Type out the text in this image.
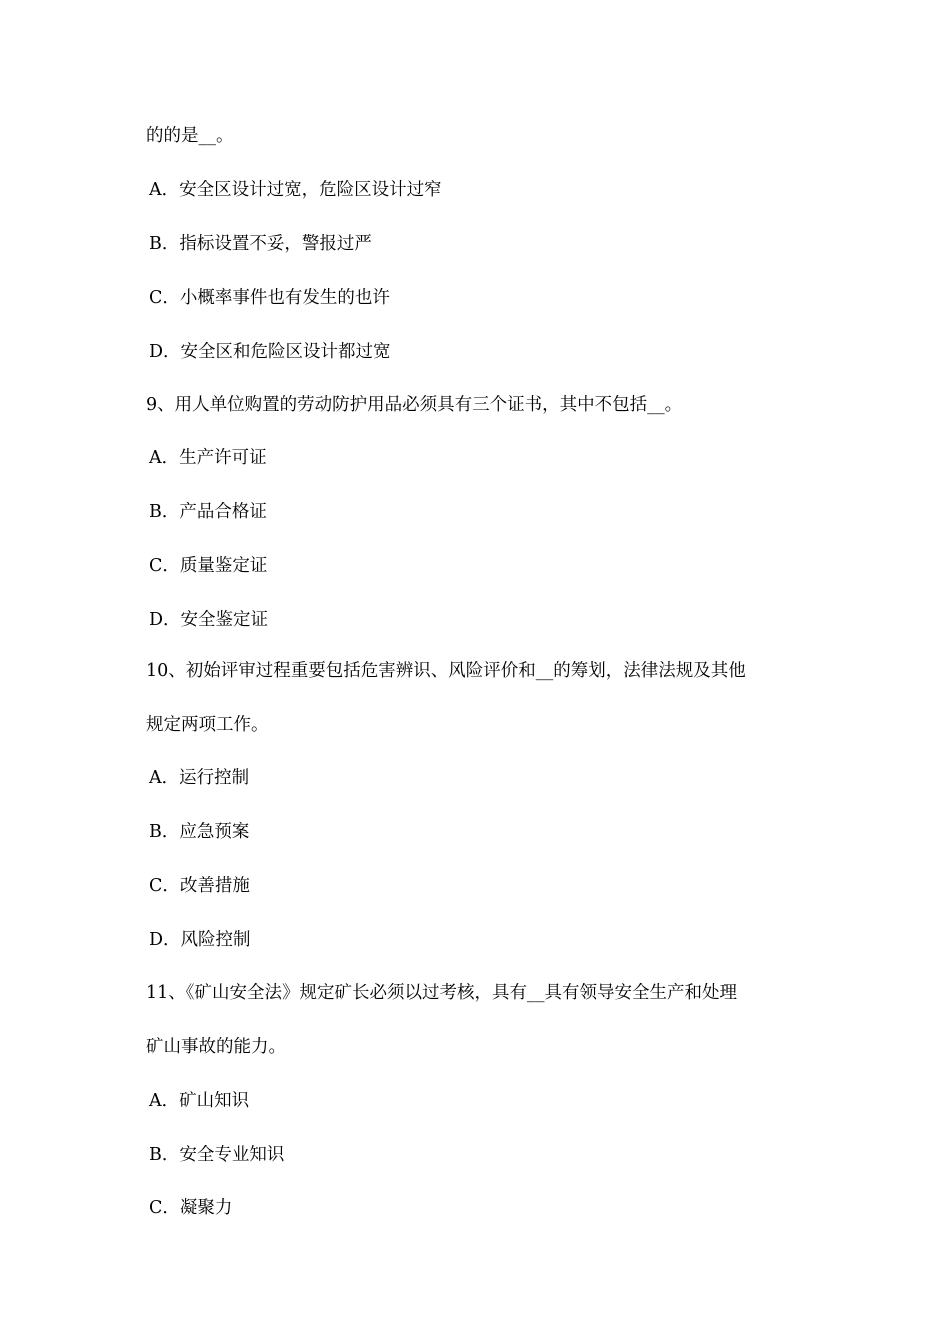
的的是__。
A．安全区设计过宽，危险区设计过窄
B．指标设置不妥，警报过严
C．小概率事件也有发生的也许
D．安全区和危险区设计都过宽
9、用人单位购置的劳动防护用品必须具有三个证书，其中不包括__。
A．生产许可证
B．产品合格证
C．质量鉴定证
D．安全鉴定证
10、初始评审过程重要包括危害辨识、风险评价和__的筹划，法律法规及其他
规定两项工作。
A．运行控制
B．应急预案
C．改善措施
D．风险控制
11、《矿山安全法》规定矿长必须以过考核，具有__具有领导安全生产和处理
矿山事故的能力。
A．矿山知识
B．安全专业知识
C．凝聚力
